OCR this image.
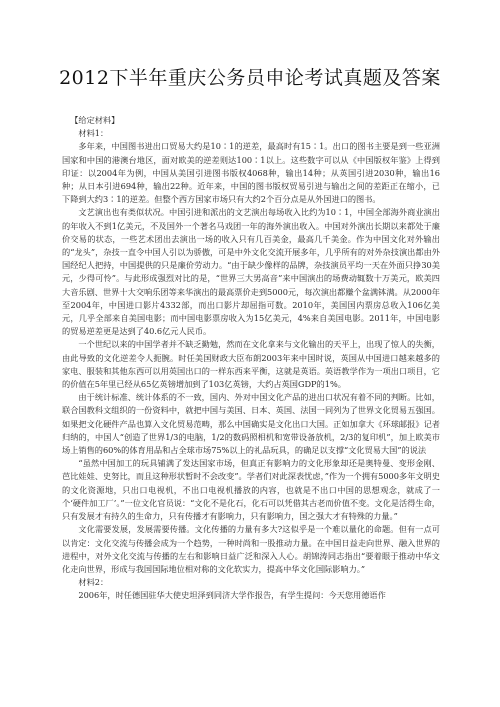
2012下半年重庆公务员申论考试真题及答案

【给定材料】

材料1：

多年来，中国图书进出口贸易大约是10∶1的逆差，最高时有15∶1。出口的图书主要是到一些亚洲国家和中国的港澳台地区，面对欧美的逆差则达100∶1以上。这些数字可以从《中国版权年鉴》上得到印证：以2004年为例，中国从美国引进图书版权4068种，输出14种；从英国引进2030种，输出16种；从日本引进694种，输出22种。近年来，中国的图书版权贸易引进与输出之间的差距正在缩小，已下降到大约3∶1的逆差。但整个西方国家市场只有大约2个百分点是从外国进口的图书。

文艺演出也有类似状况。中国引进和派出的文艺演出每场收入比约为10∶1，中国全部海外商业演出的年收入不到1亿美元，不及国外一个著名马戏团一年的海外演出收入。中国对外演出长期以来都处于廉价交易的状态，一些艺术团出去演出一场的收入只有几百美金，最高几千美金。作为中国文化对外输出的“龙头”，杂技一直令中国人引以为骄傲，可是中外文化交流开展多年，几乎所有的对外杂技演出都由外国经纪人把持，中国提供的只是廉价劳动力。“由于缺少像样的品牌，杂技演员平均一天在外面只挣30美元，少得可怜”。与此形成强烈对比的是，“世界三大男高音”来中国演出的场费动辄数十万美元，欧美四大音乐剧、世界十大交响乐团等来华演出的最高票价走到5000元，每次演出都赚个盆满钵满。从2000年至2004年，中国进口影片4332部，而出口影片却屈指可数。2010年，美国国内票房总收入106亿美元，几乎全部来自美国电影；而中国电影票房收入为15亿美元，4%来自美国电影。2011年，中国电影的贸易逆差更是达到了40.6亿元人民币。

一个世纪以来的中国学者并不缺乏勤勉，然而在文化拿来与文化输出的天平上，出现了惊人的失衡，由此导致的文化逆差令人扼腕。时任美国财政大臣布朗2003年来中国时说，英国从中国进口越来越多的家电、服装和其他东西可以用英国出口的一样东西来平衡，这就是英语。英语教学作为一项出口项目，它的价值在5年里已经从65亿英镑增加到了103亿英镑，大约占英国GDP的1%。

由于统计标准、统计体系的不一致，国内、外对中国文化产品的进出口状况有着不同的判断。比如，联合国教科文组织的一份资料中，就把中国与美国、日本、英国、法国一同列为了世界文化贸易五强国。如果把文化硬件产品也算入文化贸易范畴，那么中国确实是文化出口大国。正如加拿大《环球邮报》记者归纳的，中国人“创造了世界1/3的电脑，1/2的数码照相机和宽带设备放机，2/3的复印机”，加上欧美市场上销售的60%的体育用品和占全球市场75%以上的礼品玩具，的确足以支撑“文化贸易大国”的说法

“虽然中国加工的玩具铺满了发达国家市场，但真正有影响力的文化形象却还是奥特曼、变形金刚、芭比娃娃、史努比，而且这种形状暂时不会改变”。学者们对此深表忧虑，”作为一个拥有5000多年文明史的文化资源地，只出口电视机，不出口电视机播放的内容，也就是不出口中国的思想观念，就成了一个‘硬件加工厂’。”一位文化官员说：“文化不是化石，化石可以凭借其古老而价值不变。文化是活得生命，只有发展才有持久的生命力，只有传播才有影响力，只有影响力，国之强大才有特殊的力量。”

文化需要发展，发展需要传播。文化传播的力量有多大?这似乎是一个难以量化的命题。但有一点可以肯定：文化交流与传播会成为一个趋势，一种时尚和一股推动力量。在中国日益走向世界、融入世界的进程中，对外文化交流与传播的左右和影响日益广泛和深入人心。胡锦涛同志指出“要着眼于推动中华文化走向世界，形成与我国国际地位相对称的文化软实力，提高中华文化国际影响力。”

材料2：

2006年，时任德国驻华大使史坦泽到同济大学作报告，有学生提问：今天您用德语作
